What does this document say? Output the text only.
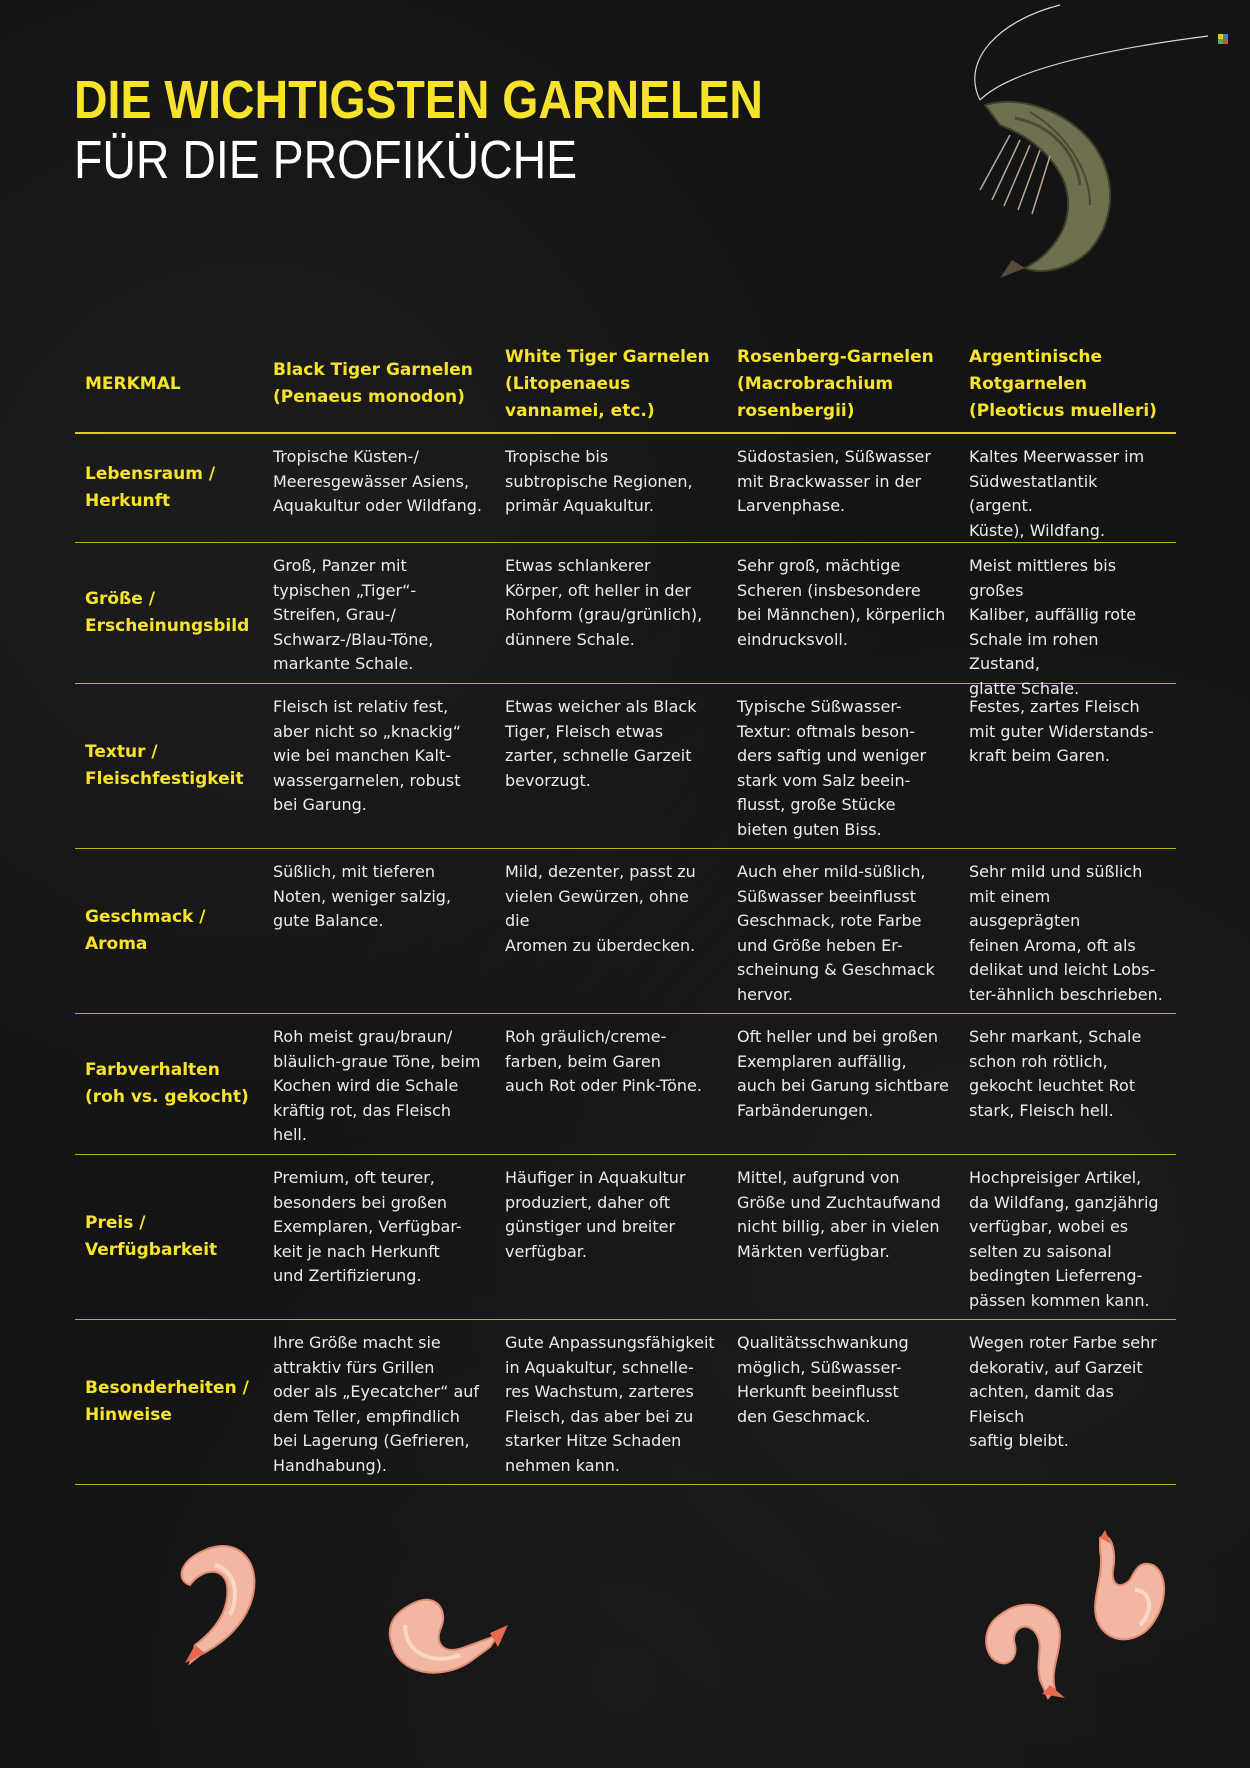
DIE WICHTIGSTEN GARNELEN
FÜR DIE PROFIKÜCHE
MERKMAL
Black Tiger Garnelen
(Penaeus monodon)
White Tiger Garnelen
(Litopenaeus
vannamei, etc.)
Rosenberg-Garnelen
(Macrobrachium
rosenbergii)
Argentinische
Rotgarnelen
(Pleoticus muelleri)
Lebensraum /
Herkunft
Tropische Küsten-/
Meeresgewässer Asiens,
Aquakultur oder Wildfang.
Tropische bis
subtropische Regionen,
primär Aquakultur.
Südostasien, Süßwasser
mit Brackwasser in der
Larvenphase.
Kaltes Meerwasser im
Südwestatlantik (argent.
Küste), Wildfang.
Größe /
Erscheinungsbild
Groß, Panzer mit
typischen „Tiger“-
Streifen, Grau-/
Schwarz-/Blau-Töne,
markante Schale.
Etwas schlankerer
Körper, oft heller in der
Rohform (grau/grünlich),
dünnere Schale.
Sehr groß, mächtige
Scheren (insbesondere
bei Männchen), körperlich
eindrucksvoll.
Meist mittleres bis großes
Kaliber, auffällig rote
Schale im rohen Zustand,
glatte Schale.
Textur /
Fleischfestigkeit
Fleisch ist relativ fest,
aber nicht so „knackig“
wie bei manchen Kalt-
wassergarnelen, robust
bei Garung.
Etwas weicher als Black
Tiger, Fleisch etwas
zarter, schnelle Garzeit
bevorzugt.
Typische Süßwasser-
Textur: oftmals beson-
ders saftig und weniger
stark vom Salz beein-
flusst, große Stücke
bieten guten Biss.
Festes, zartes Fleisch
mit guter Widerstands-
kraft beim Garen.
Geschmack /
Aroma
Süßlich, mit tieferen
Noten, weniger salzig,
gute Balance.
Mild, dezenter, passt zu
vielen Gewürzen, ohne die
Aromen zu überdecken.
Auch eher mild-süßlich,
Süßwasser beeinflusst
Geschmack, rote Farbe
und Größe heben Er-
scheinung & Geschmack
hervor.
Sehr mild und süßlich
mit einem ausgeprägten
feinen Aroma, oft als
delikat und leicht Lobs-
ter-ähnlich beschrieben.
Farbverhalten
(roh vs. gekocht)
Roh meist grau/braun/
bläulich-graue Töne, beim
Kochen wird die Schale
kräftig rot, das Fleisch
hell.
Roh gräulich/creme-
farben, beim Garen
auch Rot oder Pink-Töne.
Oft heller und bei großen
Exemplaren auffällig,
auch bei Garung sichtbare
Farbänderungen.
Sehr markant, Schale
schon roh rötlich,
gekocht leuchtet Rot
stark, Fleisch hell.
Preis /
Verfügbarkeit
Premium, oft teurer,
besonders bei großen
Exemplaren, Verfügbar-
keit je nach Herkunft
und Zertifizierung.
Häufiger in Aquakultur
produziert, daher oft
günstiger und breiter
verfügbar.
Mittel, aufgrund von
Größe und Zuchtaufwand
nicht billig, aber in vielen
Märkten verfügbar.
Hochpreisiger Artikel,
da Wildfang, ganzjährig
verfügbar, wobei es
selten zu saisonal
bedingten Lieferreng-
pässen kommen kann.
Besonderheiten /
Hinweise
Ihre Größe macht sie
attraktiv fürs Grillen
oder als „Eyecatcher“ auf
dem Teller, empfindlich
bei Lagerung (Gefrieren,
Handhabung).
Gute Anpassungsfähigkeit
in Aquakultur, schnelle-
res Wachstum, zarteres
Fleisch, das aber bei zu
starker Hitze Schaden
nehmen kann.
Qualitätsschwankung
möglich, Süßwasser-
Herkunft beeinflusst
den Geschmack.
Wegen roter Farbe sehr
dekorativ, auf Garzeit
achten, damit das Fleisch
saftig bleibt.
